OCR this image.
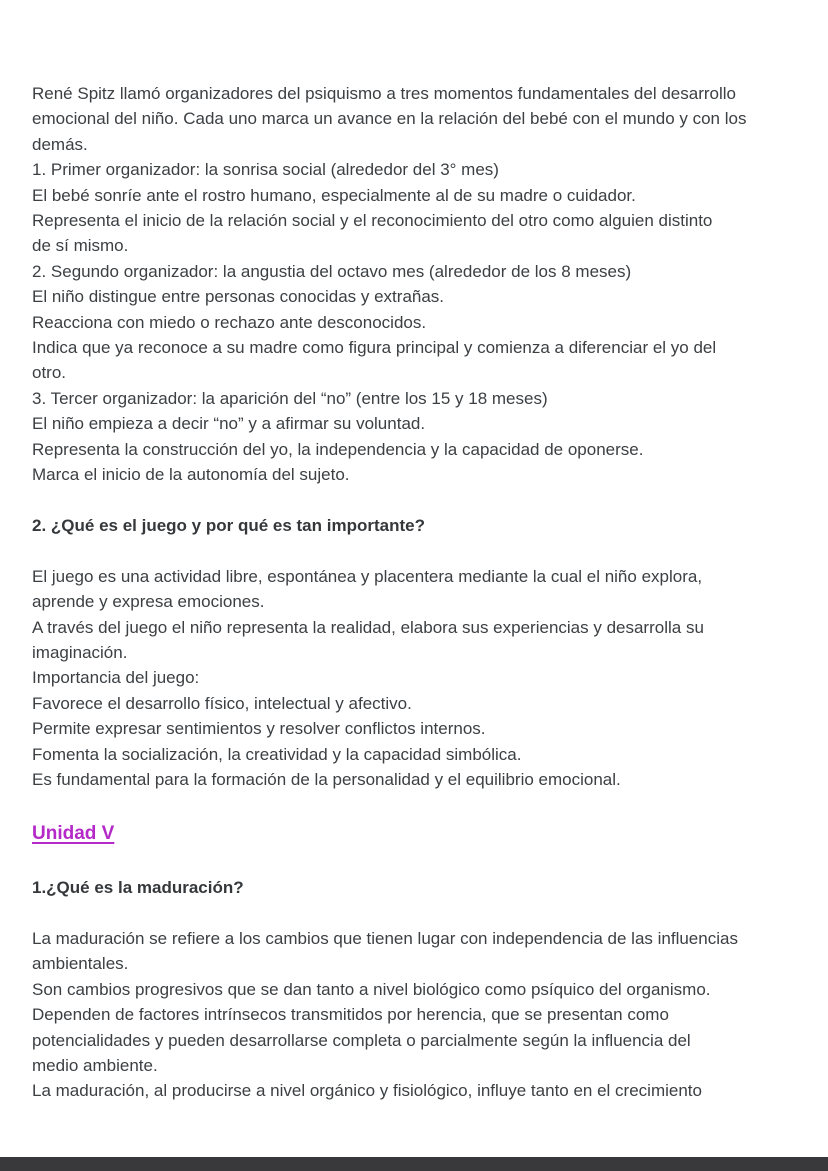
René Spitz llamó organizadores del psiquismo a tres momentos fundamentales del desarrollo
emocional del niño. Cada uno marca un avance en la relación del bebé con el mundo y con los
demás.
1. Primer organizador: la sonrisa social (alrededor del 3° mes)
El bebé sonríe ante el rostro humano, especialmente al de su madre o cuidador.
Representa el inicio de la relación social y el reconocimiento del otro como alguien distinto
de sí mismo.
2. Segundo organizador: la angustia del octavo mes (alrededor de los 8 meses)
El niño distingue entre personas conocidas y extrañas.
Reacciona con miedo o rechazo ante desconocidos.
Indica que ya reconoce a su madre como figura principal y comienza a diferenciar el yo del
otro.
3. Tercer organizador: la aparición del “no” (entre los 15 y 18 meses)
El niño empieza a decir “no” y a afirmar su voluntad.
Representa la construcción del yo, la independencia y la capacidad de oponerse.
Marca el inicio de la autonomía del sujeto.
2. ¿Qué es el juego y por qué es tan importante?
El juego es una actividad libre, espontánea y placentera mediante la cual el niño explora,
aprende y expresa emociones.
A través del juego el niño representa la realidad, elabora sus experiencias y desarrolla su
imaginación.
Importancia del juego:
Favorece el desarrollo físico, intelectual y afectivo.
Permite expresar sentimientos y resolver conflictos internos.
Fomenta la socialización, la creatividad y la capacidad simbólica.
Es fundamental para la formación de la personalidad y el equilibrio emocional.
Unidad V
1.¿Qué es la maduración?
La maduración se refiere a los cambios que tienen lugar con independencia de las influencias
ambientales.
Son cambios progresivos que se dan tanto a nivel biológico como psíquico del organismo.
Dependen de factores intrínsecos transmitidos por herencia, que se presentan como
potencialidades y pueden desarrollarse completa o parcialmente según la influencia del
medio ambiente.
La maduración, al producirse a nivel orgánico y fisiológico, influye tanto en el crecimiento
